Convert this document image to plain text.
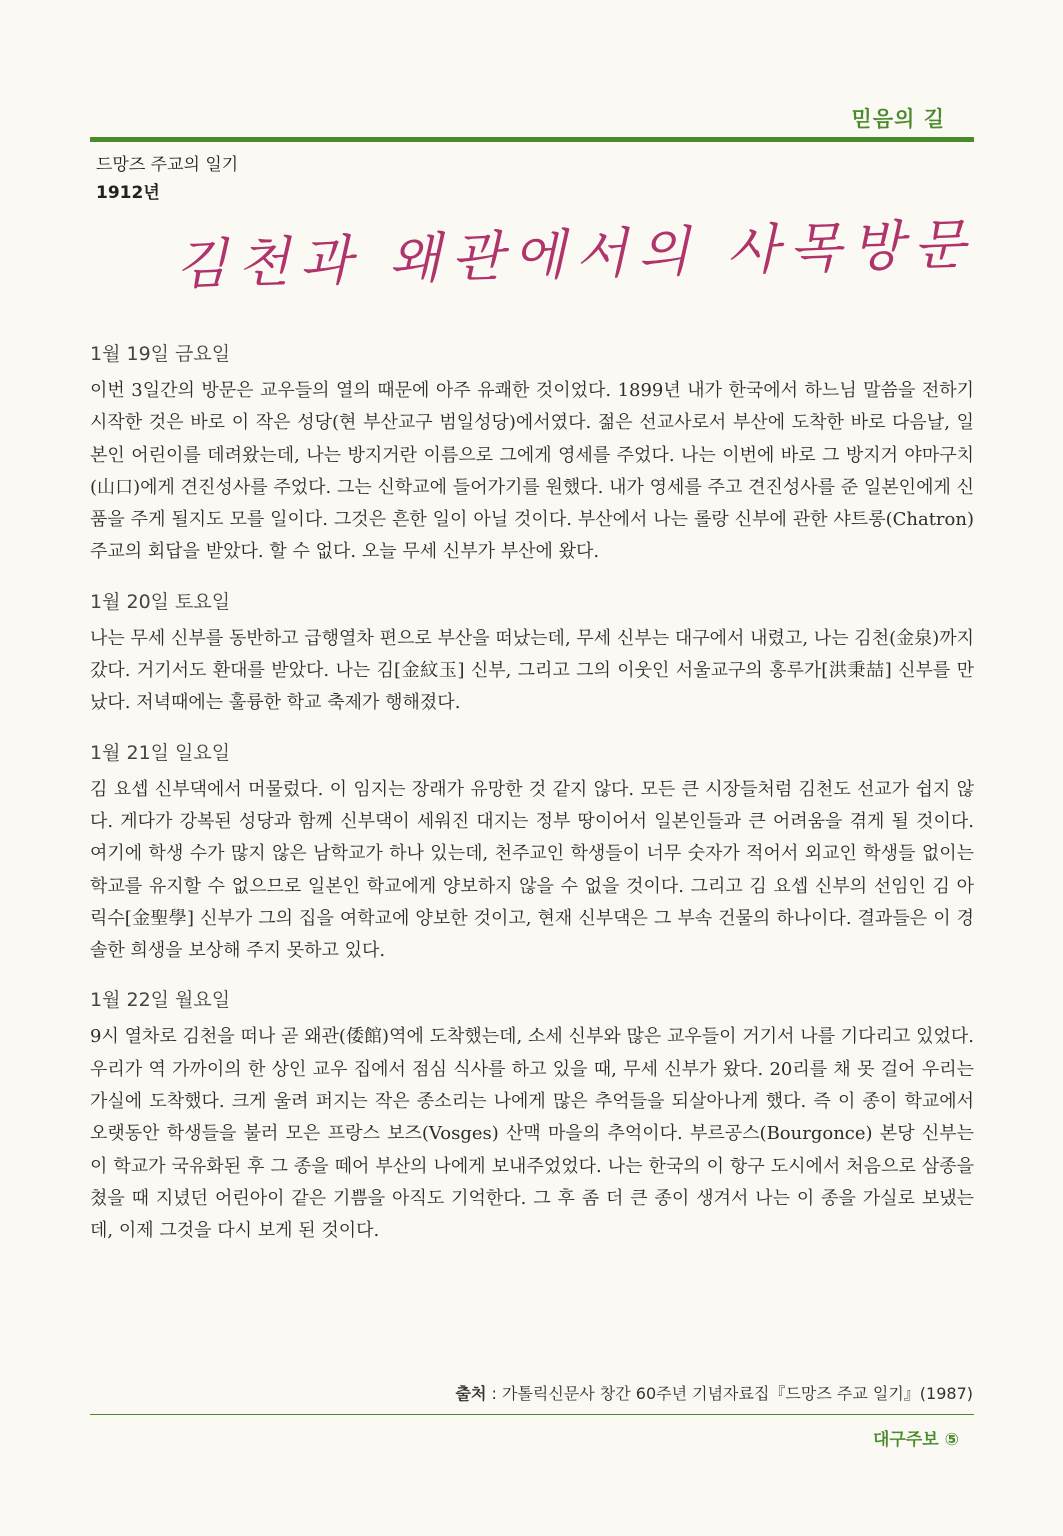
믿음의 길
드망즈 주교의 일기
1912년
김천과 왜관에서의 사목방문
1월 19일 금요일

이번 3일간의 방문은 교우들의 열의 때문에 아주 유쾌한 것이었다. 1899년 내가 한국에서 하느님 말씀을 전하기 시작한 것은 바로 이 작은 성당(현 부산교구 범일성당)에서였다. 젊은 선교사로서 부산에 도착한 바로 다음날, 일본인 어린이를 데려왔는데, 나는 방지거란 이름으로 그에게 영세를 주었다. 나는 이번에 바로 그 방지거 야마구치(山口)에게 견진성사를 주었다. 그는 신학교에 들어가기를 원했다. 내가 영세를 주고 견진성사를 준 일본인에게 신품을 주게 될지도 모를 일이다. 그것은 흔한 일이 아닐 것이다. 부산에서 나는 롤랑 신부에 관한 샤트롱(Chatron) 주교의 회답을 받았다. 할 수 없다. 오늘 무세 신부가 부산에 왔다.

1월 20일 토요일

나는 무세 신부를 동반하고 급행열차 편으로 부산을 떠났는데, 무세 신부는 대구에서 내렸고, 나는 김천(金泉)까지 갔다. 거기서도 환대를 받았다. 나는 김[金紋玉] 신부, 그리고 그의 이웃인 서울교구의 홍루가[洪秉喆] 신부를 만났다. 저녁때에는 훌륭한 학교 축제가 행해졌다.

1월 21일 일요일

김 요셉 신부댁에서 머물렀다. 이 임지는 장래가 유망한 것 같지 않다. 모든 큰 시장들처럼 김천도 선교가 쉽지 않다. 게다가 강복된 성당과 함께 신부댁이 세워진 대지는 정부 땅이어서 일본인들과 큰 어려움을 겪게 될 것이다. 여기에 학생 수가 많지 않은 남학교가 하나 있는데, 천주교인 학생들이 너무 숫자가 적어서 외교인 학생들 없이는 학교를 유지할 수 없으므로 일본인 학교에게 양보하지 않을 수 없을 것이다. 그리고 김 요셉 신부의 선임인 김 아릭수[金聖學] 신부가 그의 집을 여학교에 양보한 것이고, 현재 신부댁은 그 부속 건물의 하나이다. 결과들은 이 경솔한 희생을 보상해 주지 못하고 있다.

1월 22일 월요일

9시 열차로 김천을 떠나 곧 왜관(倭館)역에 도착했는데, 소세 신부와 많은 교우들이 거기서 나를 기다리고 있었다. 우리가 역 가까이의 한 상인 교우 집에서 점심 식사를 하고 있을 때, 무세 신부가 왔다. 20리를 채 못 걸어 우리는 가실에 도착했다. 크게 울려 퍼지는 작은 종소리는 나에게 많은 추억들을 되살아나게 했다. 즉 이 종이 학교에서 오랫동안 학생들을 불러 모은 프랑스 보즈(Vosges) 산맥 마을의 추억이다. 부르공스(Bourgonce) 본당 신부는 이 학교가 국유화된 후 그 종을 떼어 부산의 나에게 보내주었었다. 나는 한국의 이 항구 도시에서 처음으로 삼종을 쳤을 때 지녔던 어린아이 같은 기쁨을 아직도 기억한다. 그 후 좀 더 큰 종이 생겨서 나는 이 종을 가실로 보냈는데, 이제 그것을 다시 보게 된 것이다.

출처 : 가톨릭신문사 창간 60주년 기념자료집『드망즈 주교 일기』(1987)
대구주보 ⑤
